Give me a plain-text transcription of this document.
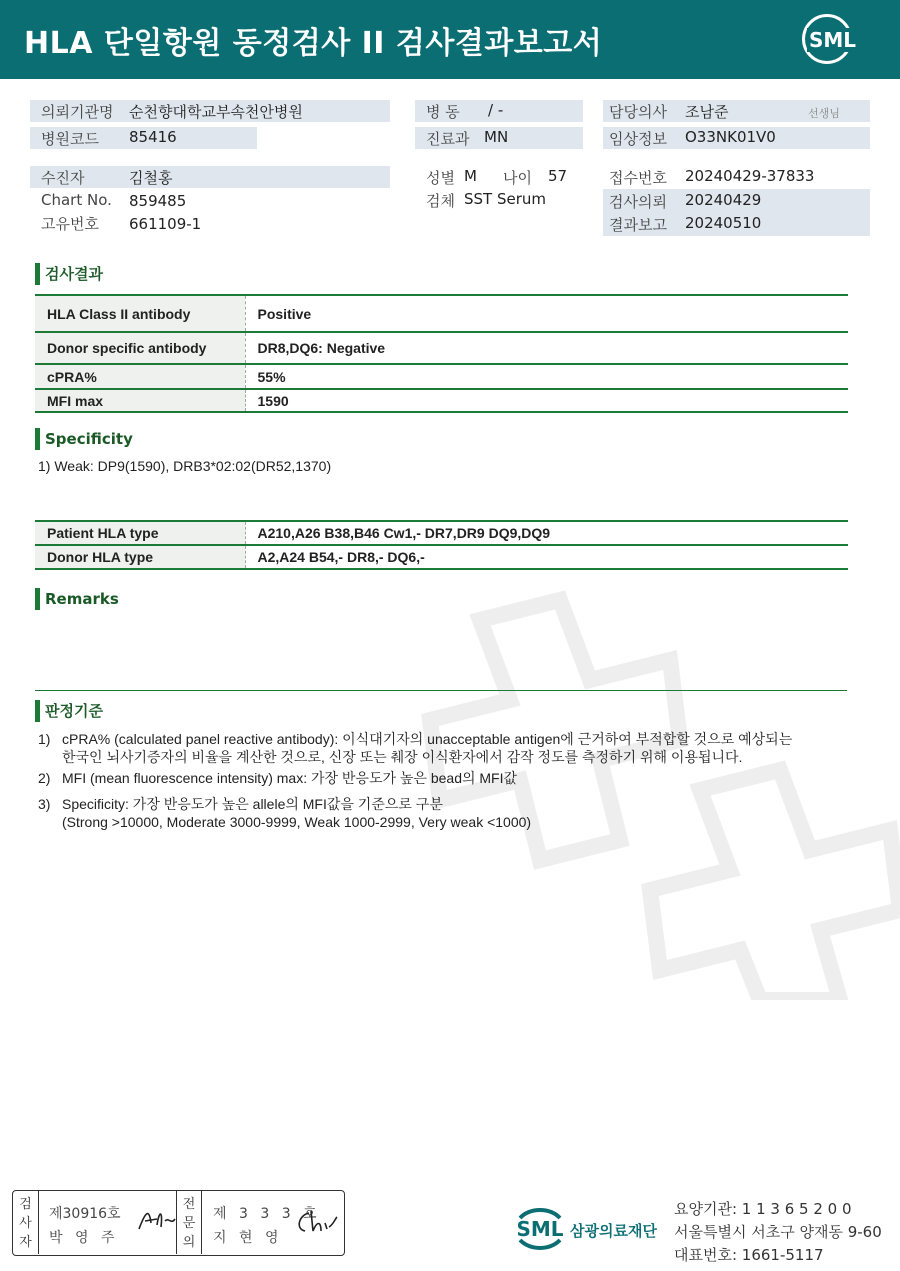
HLA 단일항원 동정검사 II 검사결과보고서	SML
의뢰기관명 순천향대학교부속천안병원
병원코드 85416
병 동 / -
진료과 MN
담당의사 조남준	선생님
임상정보 O33NK01V0
수진자	김철홍
Chart No. 859485
고유번호 661109-1
성별 M 나이 57
검체 SST Serum
접수번호 20240429-37833
검사의뢰 20240429
결과보고 20240510
검사결과
HLA Class II antibody	Positive
Donor specific antibody	DR8,DQ6: Negative
cPRA%	55%
MFI max	1590
Specificity
1) Weak: DP9(1590), DRB3*02:02(DR52,1370)
Patient HLA type	A210,A26 B38,B46 Cw1,- DR7,DR9 DQ9,DQ9
Donor HLA type	A2,A24 B54,- DR8,- DQ6,-
Remarks
판정기준
1) cPRA% (calculated panel reactive antibody): 이식대기자의 unacceptable antigen에 근거하여 부적합할 것으로 예상되는
한국인 뇌사기증자의 비율을 계산한 것으로, 신장 또는 췌장 이식환자에서 감작 정도를 측정하기 위해 이용됩니다.
2) MFI (mean fluorescence intensity) max: 가장 반응도가 높은 bead의 MFI값
3) Specificity: 가장 반응도가 높은 allele의 MFI값을 기준으로 구분
(Strong >10000, Moderate 3000-9999, Weak 1000-2999, Very weak <1000)
검
사
자
제30916호
박 영 주
전
문
의
제 3 3 3 호
지 현 영	SML 삼광의료재단
요양기관: 1 1 3 6 5 2 0 0
서울특별시 서초구 양재동 9-60
대표번호: 1661-5117
